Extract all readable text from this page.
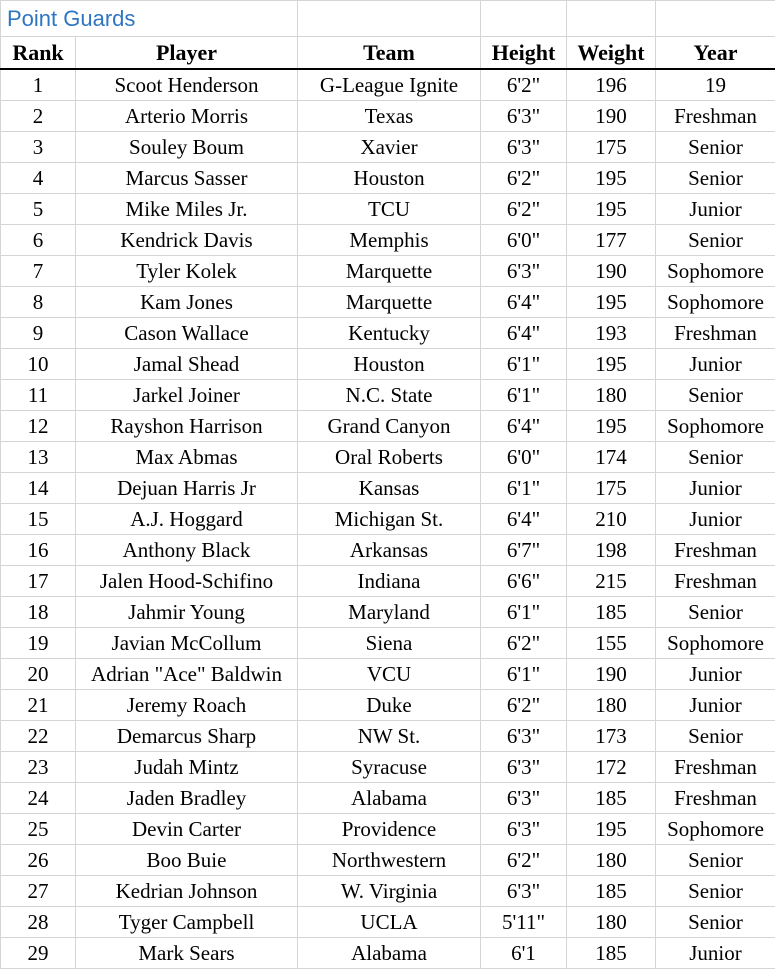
Point Guards					
Rank	Player	Team	Height	Weight	Year
1	Scoot Henderson	G-League Ignite	6'2"	196	19
2	Arterio Morris	Texas	6'3"	190	Freshman
3	Souley Boum	Xavier	6'3"	175	Senior
4	Marcus Sasser	Houston	6'2"	195	Senior
5	Mike Miles Jr.	TCU	6'2"	195	Junior
6	Kendrick Davis	Memphis	6'0"	177	Senior
7	Tyler Kolek	Marquette	6'3"	190	Sophomore
8	Kam Jones	Marquette	6'4"	195	Sophomore
9	Cason Wallace	Kentucky	6'4"	193	Freshman
10	Jamal Shead	Houston	6'1"	195	Junior
11	Jarkel Joiner	N.C. State	6'1"	180	Senior
12	Rayshon Harrison	Grand Canyon	6'4"	195	Sophomore
13	Max Abmas	Oral Roberts	6'0"	174	Senior
14	Dejuan Harris Jr	Kansas	6'1"	175	Junior
15	A.J. Hoggard	Michigan St.	6'4"	210	Junior
16	Anthony Black	Arkansas	6'7"	198	Freshman
17	Jalen Hood-Schifino	Indiana	6'6"	215	Freshman
18	Jahmir Young	Maryland	6'1"	185	Senior
19	Javian McCollum	Siena	6'2"	155	Sophomore
20	Adrian "Ace" Baldwin	VCU	6'1"	190	Junior
21	Jeremy Roach	Duke	6'2"	180	Junior
22	Demarcus Sharp	NW St.	6'3"	173	Senior
23	Judah Mintz	Syracuse	6'3"	172	Freshman
24	Jaden Bradley	Alabama	6'3"	185	Freshman
25	Devin Carter	Providence	6'3"	195	Sophomore
26	Boo Buie	Northwestern	6'2"	180	Senior
27	Kedrian Johnson	W. Virginia	6'3"	185	Senior
28	Tyger Campbell	UCLA	5'11"	180	Senior
29	Mark Sears	Alabama	6'1	185	Junior
